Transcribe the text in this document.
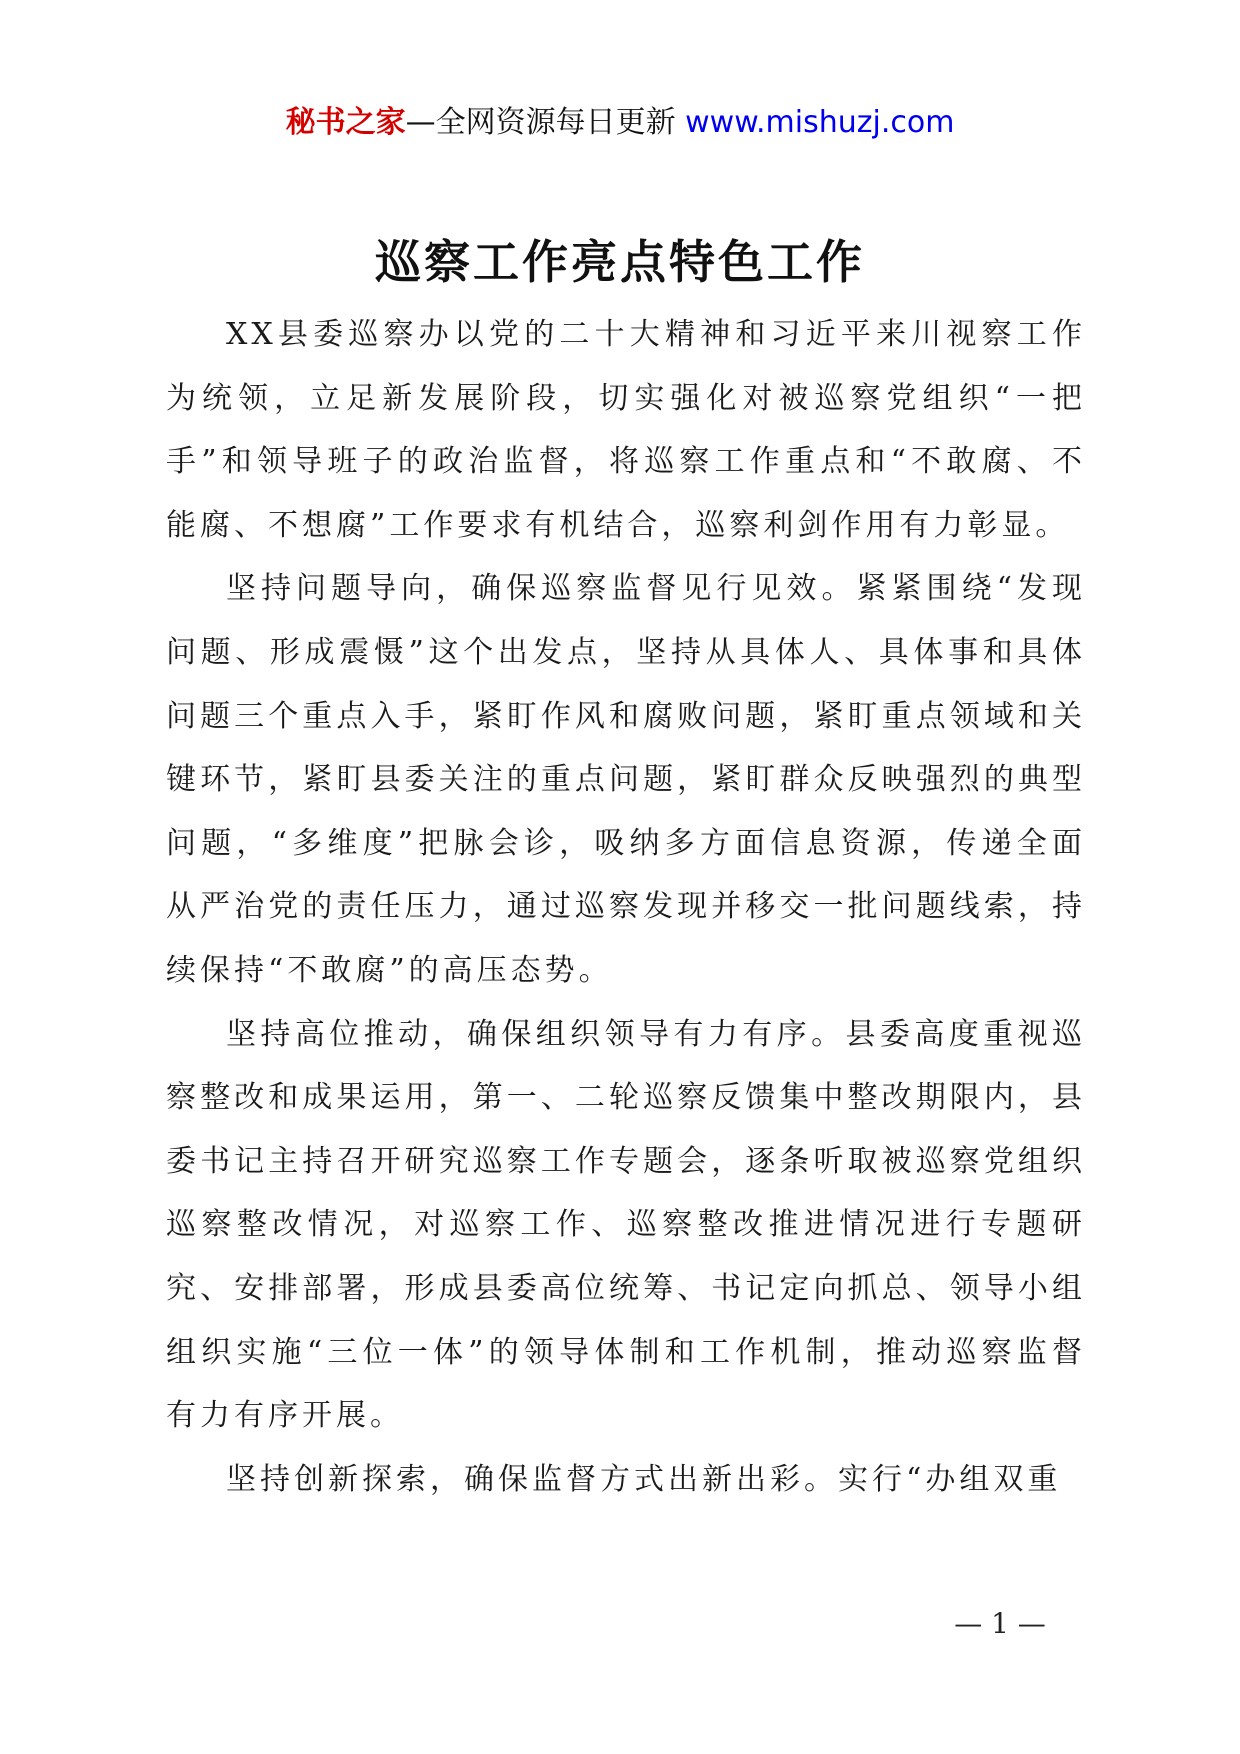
秘书之家—全网资源每日更新 www.mishuzj.com
巡察工作亮点特色工作

XX县委巡察办以党的二十大精神和习近平来川视察工作为统领，立足新发展阶段，切实强化对被巡察党组织“一把手”和领导班子的政治监督，将巡察工作重点和“不敢腐、不能腐、不想腐”工作要求有机结合，巡察利剑作用有力彰显。

坚持问题导向，确保巡察监督见行见效。紧紧围绕“发现问题、形成震慑”这个出发点，坚持从具体人、具体事和具体问题三个重点入手，紧盯作风和腐败问题，紧盯重点领域和关键环节，紧盯县委关注的重点问题，紧盯群众反映强烈的典型问题，“多维度”把脉会诊，吸纳多方面信息资源，传递全面从严治党的责任压力，通过巡察发现并移交一批问题线索，持续保持“不敢腐”的高压态势。

坚持高位推动，确保组织领导有力有序。县委高度重视巡察整改和成果运用，第一、二轮巡察反馈集中整改期限内，县委书记主持召开研究巡察工作专题会，逐条听取被巡察党组织巡察整改情况，对巡察工作、巡察整改推进情况进行专题研究、安排部署，形成县委高位统筹、书记定向抓总、领导小组组织实施“三位一体”的领导体制和工作机制，推动巡察监督有力有序开展。

坚持创新探索，确保监督方式出新出彩。实行“办组双重

— 1 —
